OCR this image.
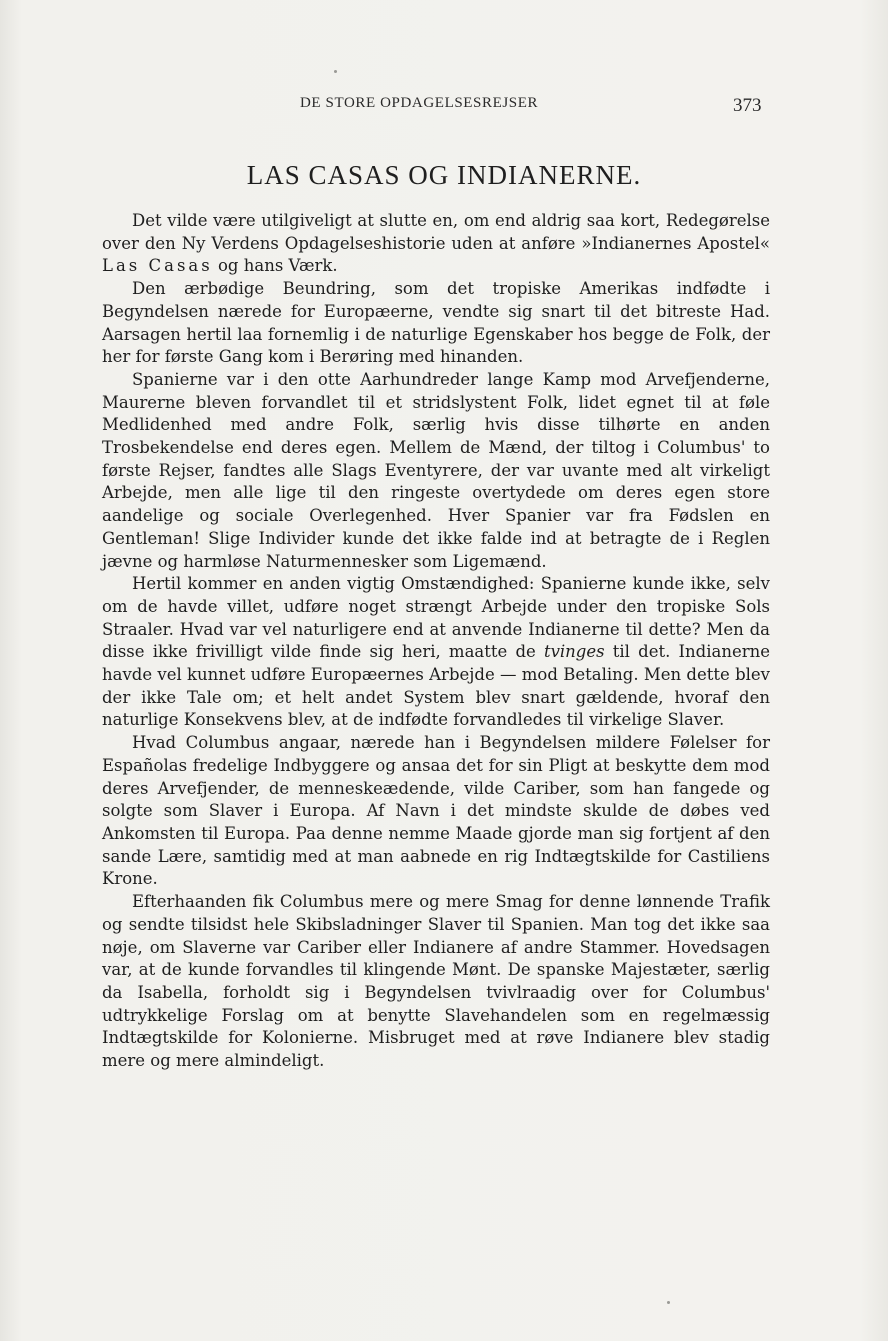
DE STORE OPDAGELSESREJSER	373
LAS CASAS OG INDIANERNE.

Det vilde være utilgiveligt at slutte en, om end aldrig saa kort, Redegørelse over den Ny Verdens Opdagelseshistorie uden at anføre »Indianernes Apostel« Las Casas og hans Værk.

Den ærbødige Beundring, som det tropiske Amerikas indfødte i Begyndelsen nærede for Europæerne, vendte sig snart til det bitreste Had. Aarsagen hertil laa fornemlig i de naturlige Egenskaber hos begge de Folk, der her for første Gang kom i Berøring med hinanden.

Spanierne var i den otte Aarhundreder lange Kamp mod Arvefjenderne, Maurerne bleven forvandlet til et stridslystent Folk, lidet egnet til at føle Medlidenhed med andre Folk, særlig hvis disse tilhørte en anden Trosbekendelse end deres egen. Mellem de Mænd, der tiltog i Columbus' to første Rejser, fandtes alle Slags Eventyrere, der var uvante med alt virkeligt Arbejde, men alle lige til den ringeste overtydede om deres egen store aandelige og sociale Overlegenhed. Hver Spanier var fra Fødslen en Gentleman! Slige Individer kunde det ikke falde ind at betragte de i Reglen jævne og harmløse Naturmennesker som Ligemænd.

Hertil kommer en anden vigtig Omstændighed: Spanierne kunde ikke, selv om de havde villet, udføre noget strængt Arbejde under den tropiske Sols Straaler. Hvad var vel naturligere end at anvende Indianerne til dette? Men da disse ikke frivilligt vilde finde sig heri, maatte de tvinges til det. Indianerne havde vel kunnet udføre Europæernes Arbejde — mod Betaling. Men dette blev der ikke Tale om; et helt andet System blev snart gældende, hvoraf den naturlige Konsekvens blev, at de indfødte forvandledes til virkelige Slaver.

Hvad Columbus angaar, nærede han i Begyndelsen mildere Følelser for Españolas fredelige Indbyggere og ansaa det for sin Pligt at beskytte dem mod deres Arvefjender, de menneskeædende, vilde Cariber, som han fangede og solgte som Slaver i Europa. Af Navn i det mindste skulde de døbes ved Ankomsten til Europa. Paa denne nemme Maade gjorde man sig fortjent af den sande Lære, samtidig med at man aabnede en rig Indtægtskilde for Castiliens Krone.

Efterhaanden fik Columbus mere og mere Smag for denne lønnende Trafik og sendte tilsidst hele Skibsladninger Slaver til Spanien. Man tog det ikke saa nøje, om Slaverne var Cariber eller Indianere af andre Stammer. Hovedsagen var, at de kunde forvandles til klingende Mønt. De spanske Majestæter, særlig da Isabella, forholdt sig i Begyndelsen tvivlraadig over for Columbus' udtrykkelige Forslag om at benytte Slavehandelen som en regelmæssig Indtægtskilde for Kolonierne. Misbruget med at røve Indianere blev stadig mere og mere almindeligt.
